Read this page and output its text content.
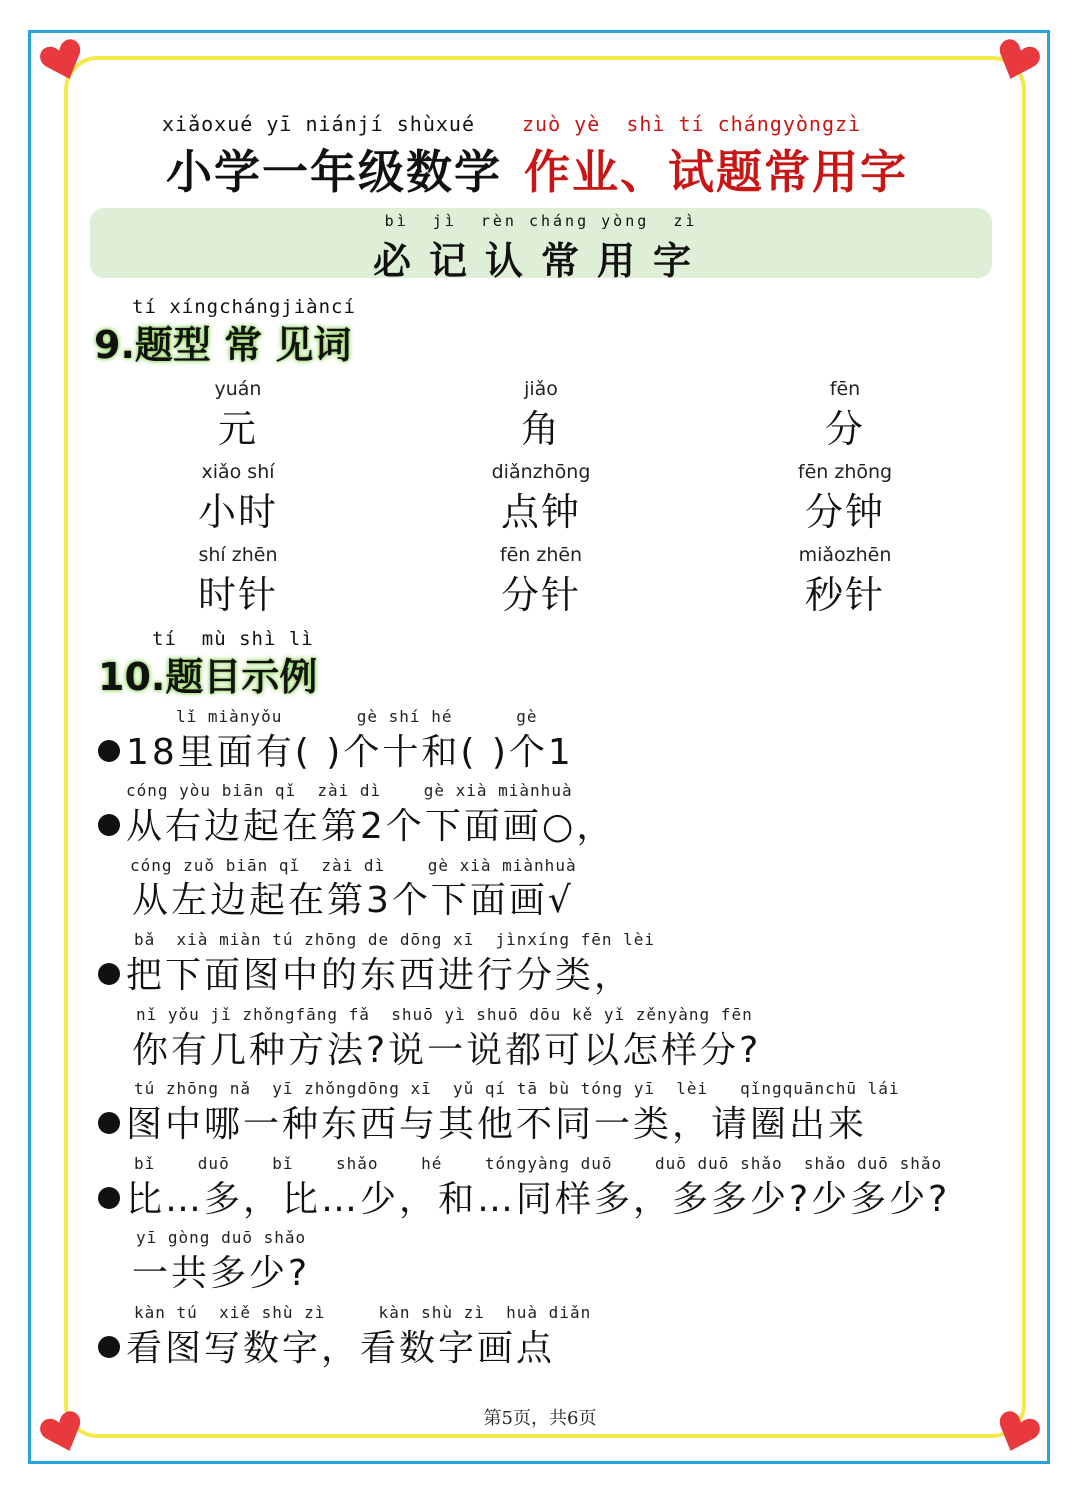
xiǎoxué yī niánjí shùxué zuò yè  shì tí chángyòngzì
小学一年级数学 作业、试题常用字
bì  jì  rèn cháng yòng  zì
必记认常用字
tí xíngchángjiàncí
9.题型 常 见词
yuán
元
jiǎo
角
fēn
分
xiǎo shí
小时
diǎnzhōng
点钟
fēn zhōng
分钟
shí zhēn
时针
fēn zhēn
分针
miǎozhēn
秒针
tí  mù shì lì
10.题目示例
lǐ miànyǒu       gè shí hé      gè
18里面有( )个十和( )个1
cóng yòu biān qǐ  zài dì    gè xià miànhuà
从右边起在第2个下面画○，
cóng zuǒ biān qǐ  zài dì    gè xià miànhuà
从左边起在第3个下面画√
bǎ  xià miàn tú zhōng de dōng xī  jìnxíng fēn lèi
把下面图中的东西进行分类，
nǐ yǒu jǐ zhǒngfāng fǎ  shuō yì shuō dōu kě yǐ zěnyàng fēn
你有几种方法?说一说都可以怎样分?
tú zhōng nǎ  yī zhǒngdōng xī  yǔ qí tā bù tóng yī  lèi   qǐngquānchū lái
图中哪一种东西与其他不同一类，请圈出来
bǐ    duō    bǐ    shǎo    hé    tóngyàng duō    duō duō shǎo  shǎo duō shǎo
比…多，比…少，和…同样多，多多少?少多少?
yī gòng duō shǎo
一共多少?
kàn tú  xiě shù zì     kàn shù zì  huà diǎn
看图写数字，看数字画点
第5页，共6页
